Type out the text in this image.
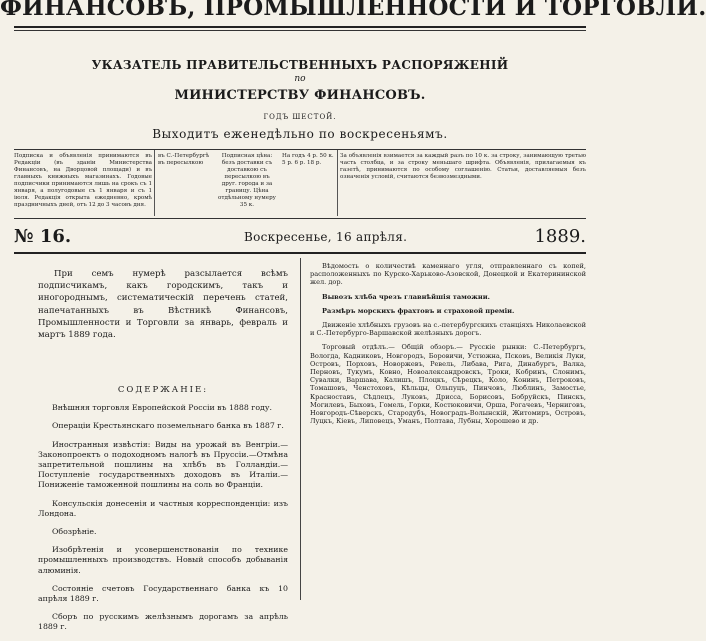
ФИНАНСОВЪ, ПРОМЫШЛЕННОСТИ И ТОРГОВЛИ.
УКАЗАТЕЛЬ ПРАВИТЕЛЬСТВЕННЫХЪ РАСПОРЯЖЕНІЙ
по
МИНИСТЕРСТВУ ФИНАНСОВЪ.
ГОДЪ ШЕСТОЙ.
Выходитъ еженедѣльно по воскресеньямъ.
Подписка и объявленія принимаются въ Редакціи (въ зданіи Министерства Финансовъ, на Дворцовой площади) и въ главныхъ книжныхъ магазинахъ. Годовые подписчики принимаются лишь на срокъ съ 1 января, а полугодовые съ 1 января и съ 1 іюля. Редакція открыта ежедневно, кромѣ праздничныхъ дней, отъ 12 до 3 часовъ дня.
въ С.-Петербургѣ въ пересылкою
Подписная цѣна: безъ доставки съ доставкою съ пересылкою въ друг. города и за границу. Цѣна отдѣльному нумеру 35 к.
На годъ 4 р. 50 к. 5 р. 6 р. 18 р.
За объявленія взимается за каждый разъ по 10 к. за строку, занимающую третью часть столбца, и за строку меньшаго шрифта. Объявленія, прилагаемыя къ газетѣ, принимаются по особому соглашенію. Статьи, доставляемыя безъ означенія условій, считаются безвозмездными.
№ 16.	Воскресенье, 16 апрѣля.	1889.
При семъ нумерѣ разсылается всѣмъ подписчикамъ, какъ городскимъ, такъ и иногороднымъ, систематическій перечень статей, напечатанныхъ въ Вѣстникѣ Финансовъ, Промышленности и Торговли за январь, февраль и мартъ 1889 года.
СОДЕРЖАНІЕ:

Внѣшняя торговля Европейской Россіи въ 1888 году.

Операціи Крестьянскаго поземельнаго банка въ 1887 г.

Иностранныя извѣстія: Виды на урожай въ Венгріи.— Законопроектъ о подоходномъ налогѣ въ Пруссіи.—Отмѣна запретительной пошлины на хлѣбъ въ Голландіи.—Поступленіе государственныхъ доходовъ въ Италіи.— Пониженіе таможенной пошлины на соль во Франціи.

Консульскія донесенія и частныя корреспонденціи: изъ Лондона.

Обозрѣніе.

Изобрѣтенія и усовершенствованія по технике промышленныхъ производствъ. Новый способъ добыванія алюминія.

Состояніе счетовъ Государственнаго банка къ 10 апрѣля 1889 г.

Сборъ по русскимъ желѣзнымъ дорогамъ за апрѣль 1889 г.

Вѣдомость о количествѣ каменнаго угля, отправленнаго съ копей, расположенныхъ по Курско-Харьково-Азовской, Донецкой и Екатерининской жел. дор.

Вывозъ хлѣба чрезъ главнѣйшія таможни.

Размѣръ морскихъ фрахтовъ и страховой преміи.

Движеніе хлѣбныхъ грузовъ на с.-петербургскихъ станціяхъ Николаевской и С.-Петербурго-Варшавской желѣзныхъ дорогъ.

Торговый отдѣлъ.— Общій обзоръ.— Русскіе рынки: С.-Петербургъ, Вологда, Кадниковъ, Новгородъ, Боровичи, Устюжна, Псковъ, Великія Луки, Островъ, Порховъ, Новоржевъ, Ревель, Либава, Рига, Динабургъ, Валка, Перновъ, Тукумъ, Ковно, Новоалександровскъ, Троки, Кобринъ, Слонимъ, Сувалки, Варшава, Калишъ, Плоцкъ, Сѣрецкъ, Коло, Конинъ, Петроковъ, Томашовъ, Ченстоховъ, Кѣльцы, Ольпуцъ, Пинчовъ, Люблинъ, Замостье, Красноставъ, Сѣдлецъ, Луковъ, Дрисса, Борисовъ, Бобруйскъ, Пинскъ, Могилевъ, Быховъ, Гомель, Горки, Костюковичи, Орша, Рогачевъ, Черниговъ, Новгородъ-Сѣверскъ, Стародубъ, Новоградъ-Волынскій, Житомиръ, Островъ, Луцкъ, Кіевъ, Липовецъ, Уманъ, Полтава, Лубны, Хорошево и др.
